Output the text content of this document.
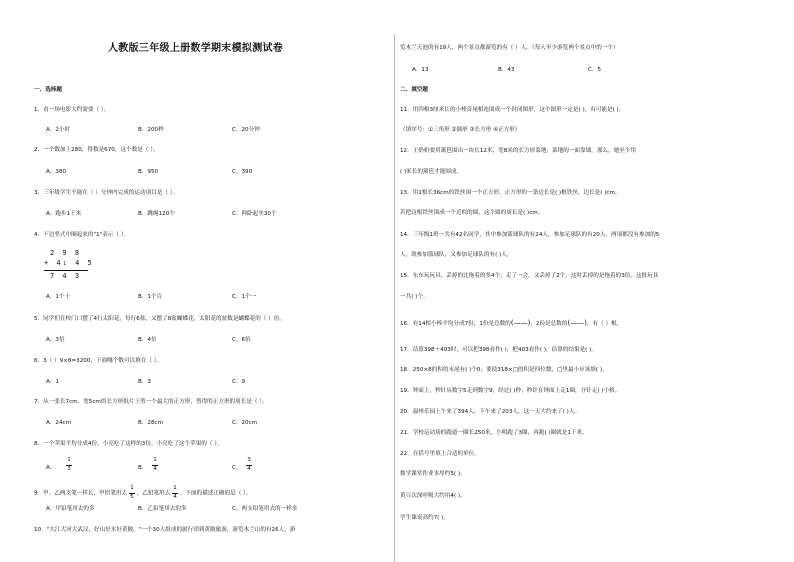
人教版三年级上册数学期末模拟测试卷
一、选择题
1．看一场电影大约需要（ ）。
A．2小时	B．200秒	C．20分钟
2．一个数加上280，得数是670，这个数是（ ）。
A．380	B．950	C．390
3．三年级学生不能在（ ）分钟内完成的运动项目是（ ）。
A．跑步1千米	B．跳绳120个	C．仰卧起坐30个
4．下边竖式中圈起来的"1"表示（ ）。
2 9 8
+ 4₁ 4 5
7 4 3
A．1个十	B．1个百	C．1个一
5．同学们在校门口摆了4行太阳花，每行6盆，又摆了8盆蝴蝶花。太阳花的盆数是蝴蝶花的（ ）倍。
A．3倍	B．4倍	C．6倍
6．3（ ）9×8=3200，下面哪个数可以填在（ ）。
A．1	B．3	C．9
7．从一张长7cm、宽5cm的长方形纸片上剪一个最大的正方形，剪得的正方形的周长是（ ）。
A．24cm	B．28cm	C．20cm
8．一个苹果平均分成4份，小亮吃了这样的3份，小亮吃了这个苹果的（ ）。
A．
1
3	B．
1
4	C．
3
4
9．甲、乙两支笔一样长，甲铅笔用去 $\frac{1}{5}$ ，乙铅笔用去 $\frac{1}{4}$ 。下面的描述正确的是（ ）。
A．甲铅笔用去的多	B．乙铅笔用去的多	C．两支铅笔用去的一样多
10．"大江大河大武汉，好山好水好黄陂。"一个30人组成的旅行团到黄陂旅游，游览木兰山的有26人，游
览木兰天池的有19人，两个景点都游览的有（ ）人。（每人至少游览两个景点中的一个）
A．13	B．43	C．5
二、填空题
11．用四根3厘米长的小棒首尾相连围成一个封闭图形，这个图形一定是( )，有可能是( )。
（填序号：①三角形 ②圆形 ③长方形 ④正方形）
12．王奶奶要用篱笆围出一块长12米，宽8米的长方形菜地，菜地的一面靠墙。那么，她至少用
( )米长的篱笆才能围成。
13．用1根长36cm的铁丝围一个正方形，正方形的一条边长是( )根铁丝，边长是( )cm。
若把这根铁丝围成一个近似的圆，这个圆的周长是( )cm。
14．三年级1班一共有42名同学，其中参加篮球队的有24人，参加足球队的有20人，两项都没有参加的5
人。既参加篮球队，又参加足球队的有( )人。
15．东东玩玩具，丢掉的比拖着的多4个，走了一会，又丢掉了2个，这时丢掉的是拖着的3倍。这批玩具
一共( )个。
16．有14根小棒平均分成7份，1份是总数的(——)，2份是总数的(——)，有（ ）根。
17．估算398＋403时，可以把398看作( )，把403看作( )，估算的结果是( )。
18．250×8的积的末尾有( )个0；要使318×□的积是四位数，□里最小应该填( )。
19．钟面上，秒针从数字5走到数字9，经过( )秒；秒针在钟面上走1圈，分针走( )小格。
20．温州乐园上午来了394人，下午来了203人，这一天大约来了( )人。
21．学校运动场的跑道一圈长250米，小明跑了3圈，再跑( )圈就是1千米。
22．在括号里填上合适的单位。
数学课堂作业本厚约5( )。
黄豆次深呼吸大约用4( )。
学生课桌高约7( )。
